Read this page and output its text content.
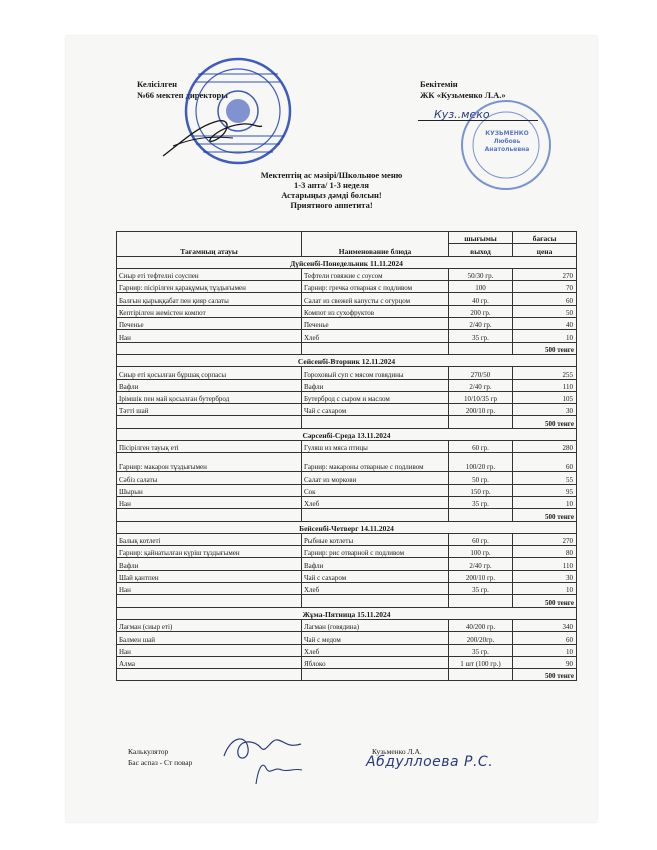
Келісілген
№66 мектеп директоры
Бекітемін
ЖК «Кузьменко Л.А.»
Куз..меко
КУЗЬМЕНКО
Любовь
Анатольевна
Мектептің ас мәзірі/Школьное меню
1-3 апта/ 1-3 неделя
Астарыңыз дәмді болсын!
Приятного аппетита!
Тағамның атауы	Наименование блюда	шығымы	бағасы
		выход	цена
Дүйсенбі-Понедельник 11.11.2024			
Сиыр еті тефтелні соуспен	Тефтели говяжие с соусом	50/30 гр.	270
Гарнир: пісірілген қарақұмық тұздығымен	Гарнир: гречка отварная с подливом	100	70
Балғын қырыққабат пен қияр салаты	Салат из свежей капусты с огурцом	40 гр.	60
Кептірілген жемістен компот	Компот из сухофруктов	200 гр.	50
Печенье	Печенье	2/40 гр.	40
Нан	Хлеб	35 гр.	10
			500 тенге
Сейсенбі-Вторник 12.11.2024			
Сиыр еті қосылған бұршақ сорпасы	Гороховый суп с мясом говядины	270/50	255
Вафли	Вафли	2/40 гр.	110
Ірімшік пен май қосылған бутерброд	Бутерброд с сыром и маслом	10/10/35 гр	105
Тәтті шай	Чай с сахаром	200/10 гр.	30
			500 тенге
Сәрсенбі-Среда 13.11.2024			
Пісірілген тауық еті	Гуляш из мяса птицы	60 гр.	280
Гарнир: макарон тұздығымен	Гарнир: макароны отварные с подливом	100/20 гр.	60
Сәбіз салаты	Салат из моркови	50 гр.	55
Шырын	Сок	150 гр.	95
Нан	Хлеб	35 гр.	10
			500 тенге
Бейсенбі-Четверг 14.11.2024			
Балық котлеті	Рыбные котлеты	60 гр.	270
Гарнир: қайнатылған күріш тұздығымен	Гарнир: рис отварной с подливом	100 гр.	80
Вафли	Вафли	2/40 гр.	110
Шай қантпен	Чай с сахаром	200/10 гр.	30
Нан	Хлеб	35 гр.	10
			500 тенге
Жұма-Пятница 15.11.2024			
Лағман (сиыр еті)	Лагман (говядина)	40/200 гр.	340
Балмен шай	Чай с медом	200/20гр.	60
Нан	Хлеб	35 гр.	10
Алма	Яблоко	1 шт (100 гр.)	90
			500 тенге
Калькулятор
Бас аспаз - Ст повар
Кузьменко Л.А.
Абдуллоева Р.С.
